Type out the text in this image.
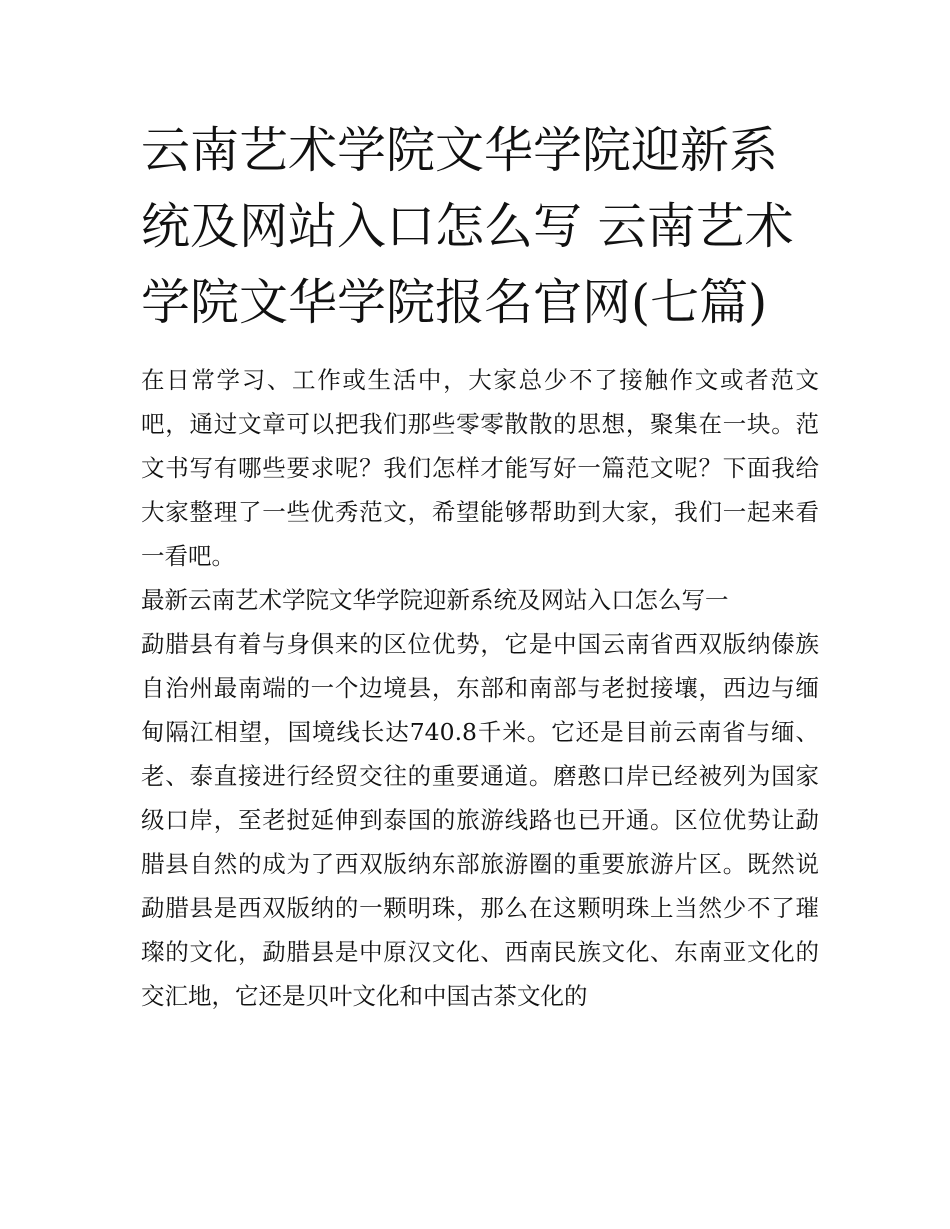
云南艺术学院文华学院迎新系统及网站入口怎么写 云南艺术学院文华学院报名官网(七篇)

在日常学习、工作或生活中，大家总少不了接触作文或者范文吧，通过文章可以把我们那些零零散散的思想，聚集在一块。范文书写有哪些要求呢？我们怎样才能写好一篇范文呢？下面我给大家整理了一些优秀范文，希望能够帮助到大家，我们一起来看一看吧。

最新云南艺术学院文华学院迎新系统及网站入口怎么写一

勐腊县有着与身俱来的区位优势，它是中国云南省西双版纳傣族自治州最南端的一个边境县，东部和南部与老挝接壤，西边与缅甸隔江相望，国境线长达740.8千米。它还是目前云南省与缅、老、泰直接进行经贸交往的重要通道。磨憨口岸已经被列为国家级口岸，至老挝延伸到泰国的旅游线路也已开通。区位优势让勐腊县自然的成为了西双版纳东部旅游圈的重要旅游片区。既然说勐腊县是西双版纳的一颗明珠，那么在这颗明珠上当然少不了璀璨的文化，勐腊县是中原汉文化、西南民族文化、东南亚文化的交汇地，它还是贝叶文化和中国古茶文化的
